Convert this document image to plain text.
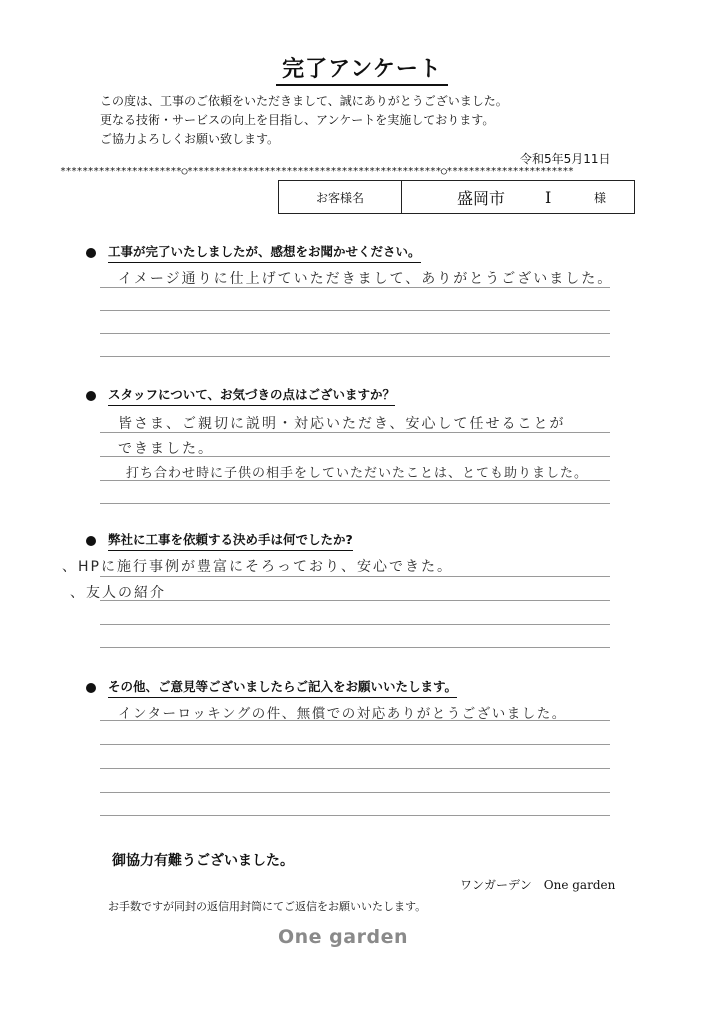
完了アンケート
この度は、工事のご依頼をいただきまして、誠にありがとうございました。
更なる技術・サービスの向上を目指し、アンケートを実施しております。
ご協力よろしくお願い致します。
令和5年5月11日
**********************○**********************************************○***********************
お客様名	盛岡市	I	様
工事が完了いたしましたが、感想をお聞かせください。
イメージ通りに仕上げていただきまして、ありがとうございました。
スタッフについて、お気づきの点はございますか？
皆さま、ご親切に説明・対応いただき、安心して任せることが
できました。
打ち合わせ時に子供の相手をしていただいたことは、とても助りました。
弊社に工事を依頼する決め手は何でしたか?
、HPに施行事例が豊富にそろっており、安心できた。
、友人の紹介
その他、ご意見等ございましたらご記入をお願いいたします。
インターロッキングの件、無償での対応ありがとうございました。
御協力有難うございました。
ワンガーデン　One garden
お手数ですが同封の返信用封筒にてご返信をお願いいたします。
One garden
